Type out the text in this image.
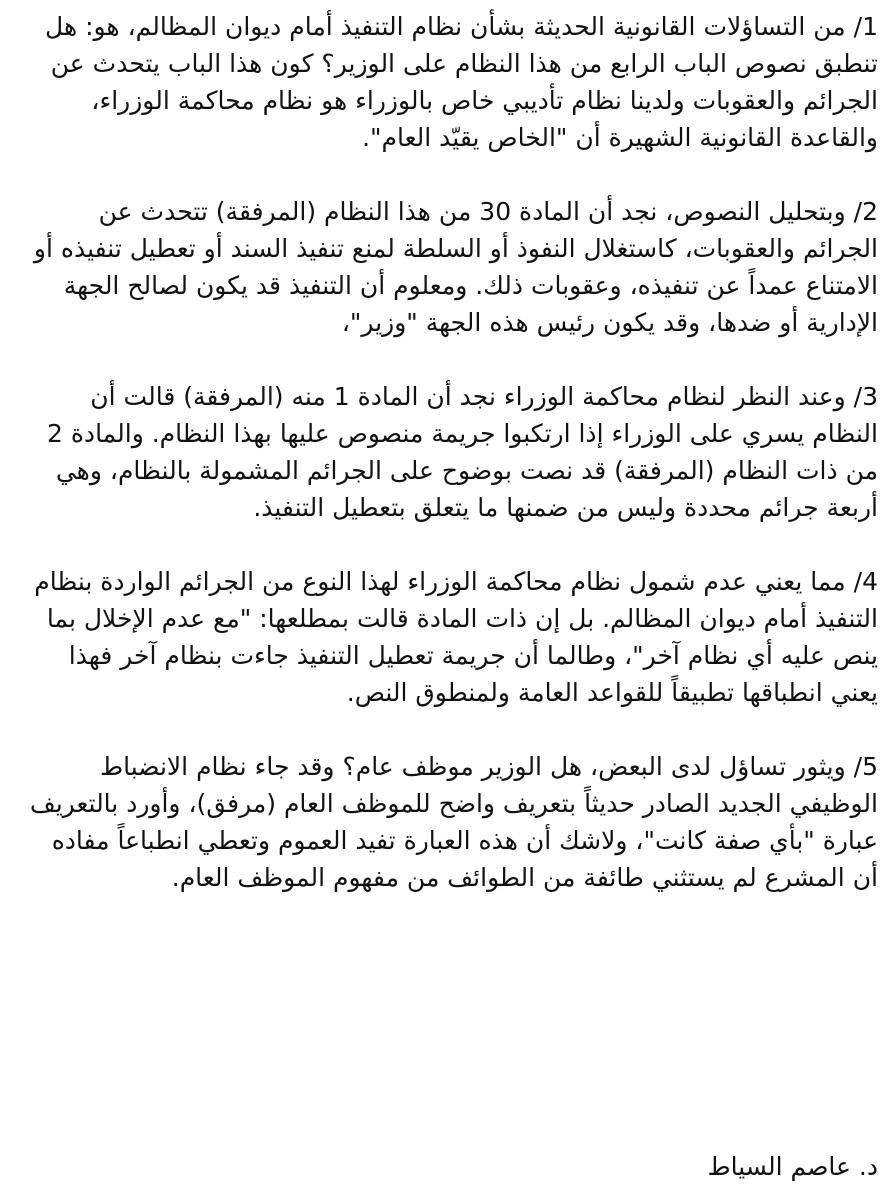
1/ من التساؤلات القانونية الحديثة بشأن نظام التنفيذ أمام ديوان المظالم، هو: هل تنطبق نصوص الباب الرابع من هذا النظام على الوزير؟ كون هذا الباب يتحدث عن الجرائم والعقوبات ولدينا نظام تأديبي خاص بالوزراء هو نظام محاكمة الوزراء، والقاعدة القانونية الشهيرة أن "الخاص يقيّد العام".

2/ وبتحليل النصوص، نجد أن المادة 30 من هذا النظام (المرفقة) تتحدث عن الجرائم والعقوبات، كاستغلال النفوذ أو السلطة لمنع تنفيذ السند أو تعطيل تنفيذه أو الامتناع عمداً عن تنفيذه، وعقوبات ذلك. ومعلوم أن التنفيذ قد يكون لصالح الجهة الإدارية أو ضدها، وقد يكون رئيس هذه الجهة "وزير"،

3/ وعند النظر لنظام محاكمة الوزراء نجد أن المادة 1 منه (المرفقة) قالت أن النظام يسري على الوزراء إذا ارتكبوا جريمة منصوص عليها بهذا النظام. والمادة 2 من ذات النظام (المرفقة) قد نصت بوضوح على الجرائم المشمولة بالنظام، وهي أربعة جرائم محددة وليس من ضمنها ما يتعلق بتعطيل التنفيذ.

4/ مما يعني عدم شمول نظام محاكمة الوزراء لهذا النوع من الجرائم الواردة بنظام التنفيذ أمام ديوان المظالم. بل إن ذات المادة قالت بمطلعها: "مع عدم الإخلال بما ينص عليه أي نظام آخر"، وطالما أن جريمة تعطيل التنفيذ جاءت بنظام آخر فهذا يعني انطباقها تطبيقاً للقواعد العامة ولمنطوق النص.

5/ ويثور تساؤل لدى البعض، هل الوزير موظف عام؟ وقد جاء نظام الانضباط الوظيفي الجديد الصادر حديثاً بتعريف واضح للموظف العام (مرفق)، وأورد بالتعريف عبارة "بأي صفة كانت"، ولاشك أن هذه العبارة تفيد العموم وتعطي انطباعاً مفاده أن المشرع لم يستثني طائفة من الطوائف من مفهوم الموظف العام.

د. عاصم السياط
